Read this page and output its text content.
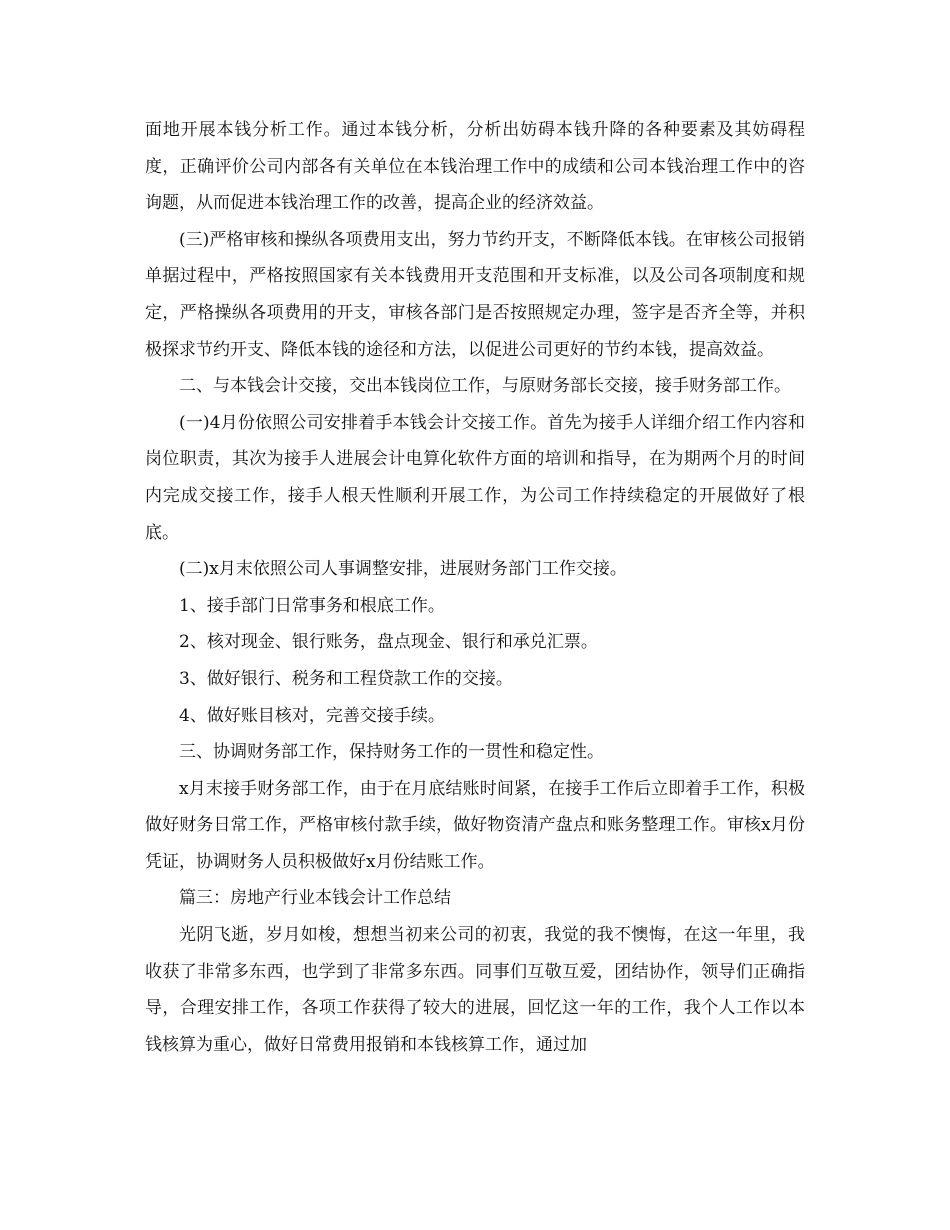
面地开展本钱分析工作。通过本钱分析，分析出妨碍本钱升降的各种要素及其妨碍程度，正确评价公司内部各有关单位在本钱治理工作中的成绩和公司本钱治理工作中的咨询题，从而促进本钱治理工作的改善，提高企业的经济效益。

(三)严格审核和操纵各项费用支出，努力节约开支，不断降低本钱。在审核公司报销单据过程中，严格按照国家有关本钱费用开支范围和开支标准，以及公司各项制度和规定，严格操纵各项费用的开支，审核各部门是否按照规定办理，签字是否齐全等，并积极探求节约开支、降低本钱的途径和方法，以促进公司更好的节约本钱，提高效益。

二、与本钱会计交接，交出本钱岗位工作，与原财务部长交接，接手财务部工作。

(一)4月份依照公司安排着手本钱会计交接工作。首先为接手人详细介绍工作内容和岗位职责，其次为接手人进展会计电算化软件方面的培训和指导，在为期两个月的时间内完成交接工作，接手人根天性顺利开展工作，为公司工作持续稳定的开展做好了根底。

(二)x月末依照公司人事调整安排，进展财务部门工作交接。

1、接手部门日常事务和根底工作。

2、核对现金、银行账务，盘点现金、银行和承兑汇票。

3、做好银行、税务和工程贷款工作的交接。

4、做好账目核对，完善交接手续。

三、协调财务部工作，保持财务工作的一贯性和稳定性。

x月末接手财务部工作，由于在月底结账时间紧，在接手工作后立即着手工作，积极做好财务日常工作，严格审核付款手续，做好物资清产盘点和账务整理工作。审核x月份凭证，协调财务人员积极做好x月份结账工作。

篇三：房地产行业本钱会计工作总结

光阴飞逝，岁月如梭，想想当初来公司的初衷，我觉的我不懊悔，在这一年里，我收获了非常多东西，也学到了非常多东西。同事们互敬互爱，团结协作，领导们正确指导，合理安排工作，各项工作获得了较大的进展，回忆这一年的工作，我个人工作以本钱核算为重心，做好日常费用报销和本钱核算工作，通过加
